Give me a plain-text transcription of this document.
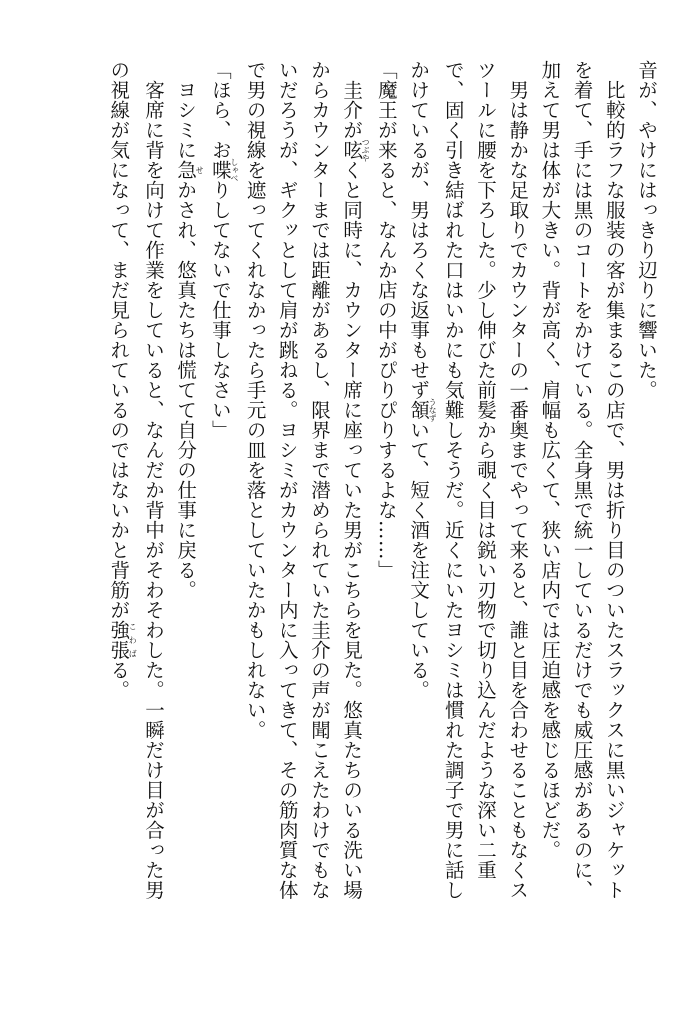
音が、やけにはっきり辺りに響いた。

比較的ラフな服装の客が集まるこの店で、男は折り目のついたスラックスに黒いジャケット

を着て、手には黒のコートをかけている。全身黒で統一しているだけでも威圧感があるのに、

加えて男は体が大きい。背が高く、肩幅も広くて、狭い店内では圧迫感を感じるほどだ。

男は静かな足取りでカウンターの一番奥までやって来ると、誰と目を合わせることもなくス

ツールに腰を下ろした。少し伸びた前髪から覗く目は鋭い刃物で切り込んだような深い二重

で、固く引き結ばれた口はいかにも気難しそうだ。近くにいたヨシミは慣れた調子で男に話し

かけているが、男はろくな返事もせず頷うなずいて、短く酒を注文している。

「魔王が来ると、なんか店の中がぴりぴりするよな……」

圭介が呟つぶやくと同時に、カウンター席に座っていた男がこちらを見た。悠真たちのいる洗い場

からカウンターまでは距離があるし、限界まで潜められていた圭介の声が聞こえたわけでもな

いだろうが、ギクッとして肩が跳ねる。ヨシミがカウンター内に入ってきて、その筋肉質な体

で男の視線を遮ってくれなかったら手元の皿を落としていたかもしれない。

「ほら、お喋しゃべりしてないで仕事しなさい」

ヨシミに急せかされ、悠真たちは慌てて自分の仕事に戻る。

客席に背を向けて作業をしていると、なんだか背中がそわそわした。一瞬だけ目が合った男

の視線が気になって、まだ見られているのではないかと背筋が強張こわばる。
